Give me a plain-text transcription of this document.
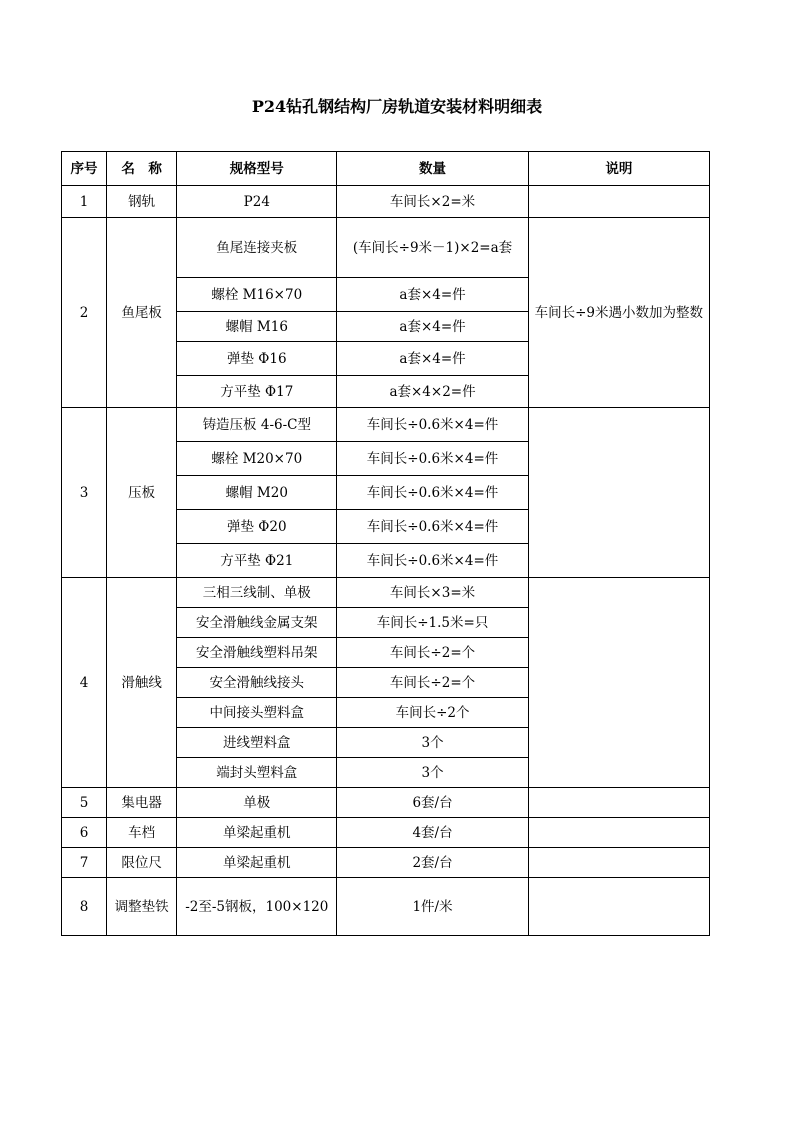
P24钻孔钢结构厂房轨道安装材料明细表
序号	名　称	规格型号	数量	说明
1	钢轨	P24	车间长×2=米	
2	鱼尾板	鱼尾连接夹板	(车间长÷9米－1)×2=a套	车间长÷9米遇小数加为整数
		螺栓 M16×70	a套×4=件	
		螺帽 M16	a套×4=件	
		弹垫 Φ16	a套×4=件	
		方平垫 Φ17	a套×4×2=件	
3	压板	铸造压板 4-6-C型	车间长÷0.6米×4=件	
		螺栓 M20×70	车间长÷0.6米×4=件	
		螺帽 M20	车间长÷0.6米×4=件	
		弹垫 Φ20	车间长÷0.6米×4=件	
		方平垫 Φ21	车间长÷0.6米×4=件	
4	滑触线	三相三线制、单极	车间长×3=米	
		安全滑触线金属支架	车间长÷1.5米=只	
		安全滑触线塑料吊架	车间长÷2=个	
		安全滑触线接头	车间长÷2=个	
		中间接头塑料盒	车间长÷2个	
		进线塑料盒	3个	
		端封头塑料盒	3个	
5	集电器	单极	6套/台	
6	车档	单梁起重机	4套/台	
7	限位尺	单梁起重机	2套/台	
8	调整垫铁	-2至-5钢板，100×120	1件/米	
